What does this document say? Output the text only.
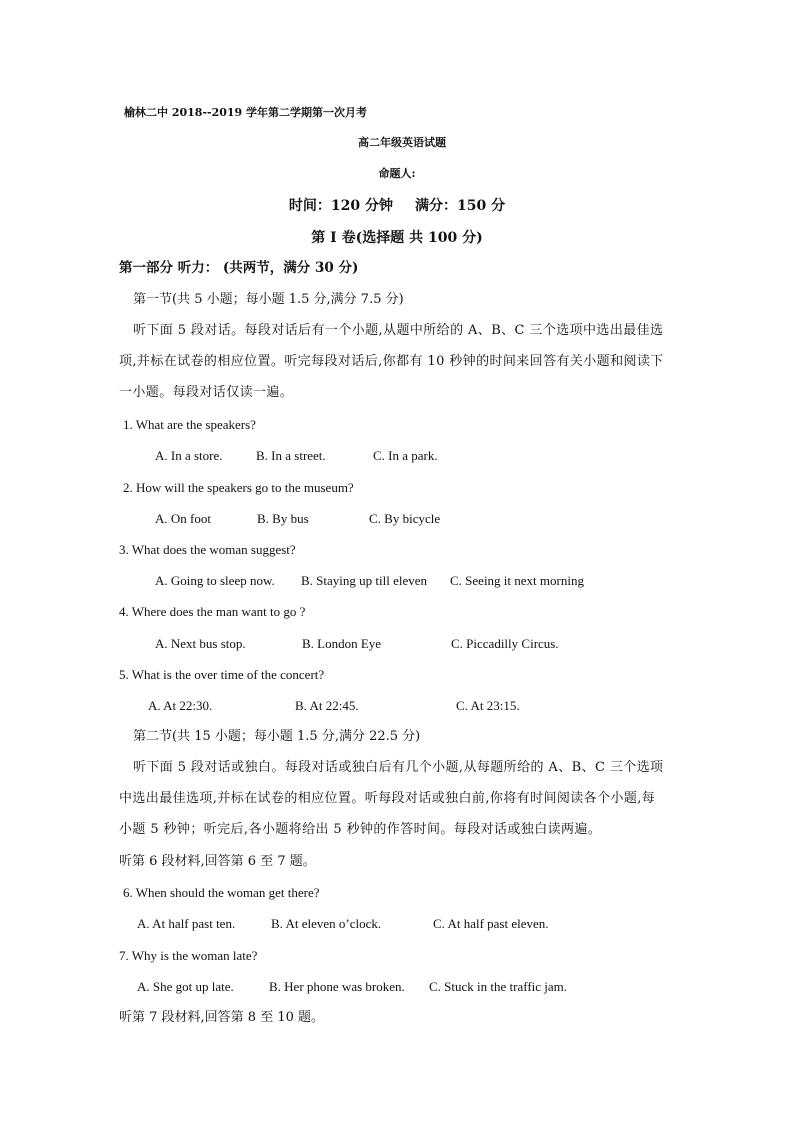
榆林二中 2018--2019 学年第二学期第一次月考
高二年级英语试题
命题人:
时间：120 分钟 满分：150 分
第 I 卷(选择题 共 100 分)
第一部分 听力： (共两节，满分 30 分)
第一节(共 5 小题；每小题 1.5 分,满分 7.5 分)
听下面 5 段对话。每段对话后有一个小题,从题中所给的 A、B、C 三个选项中选出最佳选
项,并标在试卷的相应位置。听完每段对话后,你都有 10 秒钟的时间来回答有关小题和阅读下
一小题。每段对话仅读一遍。
1. What are the speakers?
A. In a store.	B. In a street.	C. In a park.
2. How will the speakers go to the museum?
A. On foot	B. By bus	C. By bicycle
3. What does the woman suggest?
A. Going to sleep now. B. Staying up till eleven C. Seeing it next morning
4. Where does the man want to go ?
A. Next bus stop.	B. London Eye	C. Piccadilly Circus.
5. What is the over time of the concert?
A. At 22:30.	B. At 22:45.	C. At 23:15.
第二节(共 15 小题；每小题 1.5 分,满分 22.5 分)
听下面 5 段对话或独白。每段对话或独白后有几个小题,从每题所给的 A、B、C 三个选项
中选出最佳选项,并标在试卷的相应位置。听每段对话或独白前,你将有时间阅读各个小题,每
小题 5 秒钟；听完后,各小题将给出 5 秒钟的作答时间。每段对话或独白读两遍。
听第 6 段材料,回答第 6 至 7 题。
6. When should the woman get there?
A. At half past ten.	B. At eleven o’clock.	C. At half past eleven.
7. Why is the woman late?
A. She got up late.	B. Her phone was broken. C. Stuck in the traffic jam.
听第 7 段材料,回答第 8 至 10 题。
